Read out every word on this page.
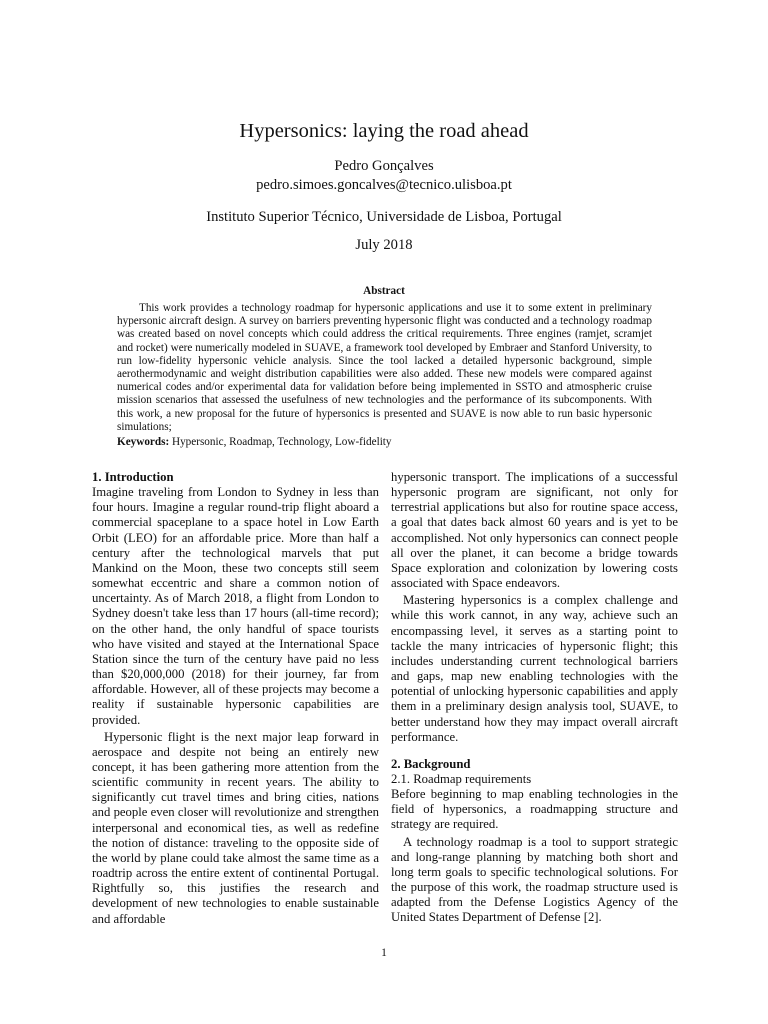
Hypersonics: laying the road ahead
Pedro Gonçalves
pedro.simoes.goncalves@tecnico.ulisboa.pt
Instituto Superior Técnico, Universidade de Lisboa, Portugal
July 2018
Abstract

This work provides a technology roadmap for hypersonic applications and use it to some extent in preliminary hypersonic aircraft design. A survey on barriers preventing hypersonic flight was conducted and a technology roadmap was created based on novel concepts which could address the critical requirements. Three engines (ramjet, scramjet and rocket) were numerically modeled in SUAVE, a framework tool developed by Embraer and Stanford University, to run low-fidelity hypersonic vehicle analysis. Since the tool lacked a detailed hypersonic background, simple aerothermodynamic and weight distribution capabilities were also added. These new models were compared against numerical codes and/or experimental data for validation before being implemented in SSTO and atmospheric cruise mission scenarios that assessed the usefulness of new technologies and the performance of its subcomponents. With this work, a new proposal for the future of hypersonics is presented and SUAVE is now able to run basic hypersonic simulations;

Keywords: Hypersonic, Roadmap, Technology, Low-fidelity

1. Introduction

Imagine traveling from London to Sydney in less than four hours. Imagine a regular round-trip flight aboard a commercial spaceplane to a space hotel in Low Earth Orbit (LEO) for an affordable price. More than half a century after the technological marvels that put Mankind on the Moon, these two concepts still seem somewhat eccentric and share a common notion of uncertainty. As of March 2018, a flight from London to Sydney doesn't take less than 17 hours (all-time record); on the other hand, the only handful of space tourists who have visited and stayed at the International Space Station since the turn of the century have paid no less than $20,000,000 (2018) for their journey, far from affordable. However, all of these projects may become a reality if sustainable hypersonic capabilities are provided.

Hypersonic flight is the next major leap forward in aerospace and despite not being an entirely new concept, it has been gathering more attention from the scientific community in recent years. The ability to significantly cut travel times and bring cities, nations and people even closer will revolutionize and strengthen interpersonal and economical ties, as well as redefine the notion of distance: traveling to the opposite side of the world by plane could take almost the same time as a roadtrip across the entire extent of continental Portugal. Rightfully so, this justifies the research and development of new technologies to enable sustainable and affordable

hypersonic transport. The implications of a successful hypersonic program are significant, not only for terrestrial applications but also for routine space access, a goal that dates back almost 60 years and is yet to be accomplished. Not only hypersonics can connect people all over the planet, it can become a bridge towards Space exploration and colonization by lowering costs associated with Space endeavors.

Mastering hypersonics is a complex challenge and while this work cannot, in any way, achieve such an encompassing level, it serves as a starting point to tackle the many intricacies of hypersonic flight; this includes understanding current technological barriers and gaps, map new enabling technologies with the potential of unlocking hypersonic capabilities and apply them in a preliminary design analysis tool, SUAVE, to better understand how they may impact overall aircraft performance.

2. Background
2.1. Roadmap requirements

Before beginning to map enabling technologies in the field of hypersonics, a roadmapping structure and strategy are required.

A technology roadmap is a tool to support strategic and long-range planning by matching both short and long term goals to specific technological solutions. For the purpose of this work, the roadmap structure used is adapted from the Defense Logistics Agency of the United States Department of Defense [2].

1
